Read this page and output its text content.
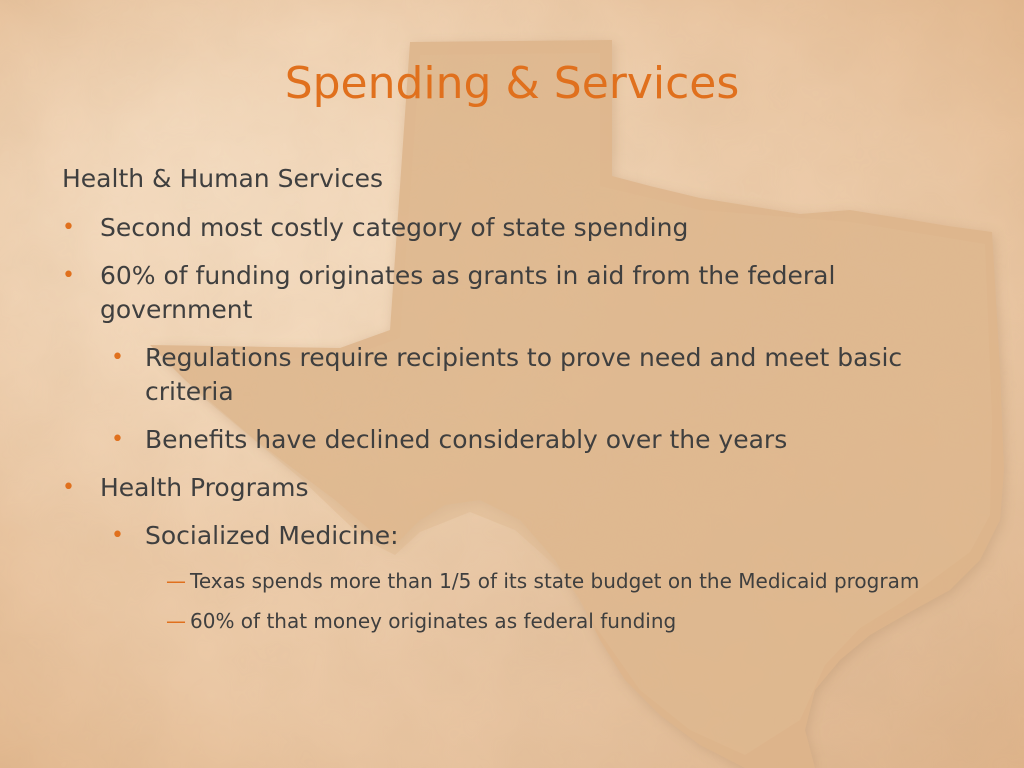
Spending & Services
Health & Human Services
• Second most costly category of state spending
• 60% of funding originates as grants in aid from the federal government
• Regulations require recipients to prove need and meet basic criteria
• Benefits have declined considerably over the years
• Health Programs
• Socialized Medicine:
— Texas spends more than 1/5 of its state budget on the Medicaid program
— 60% of that money originates as federal funding
